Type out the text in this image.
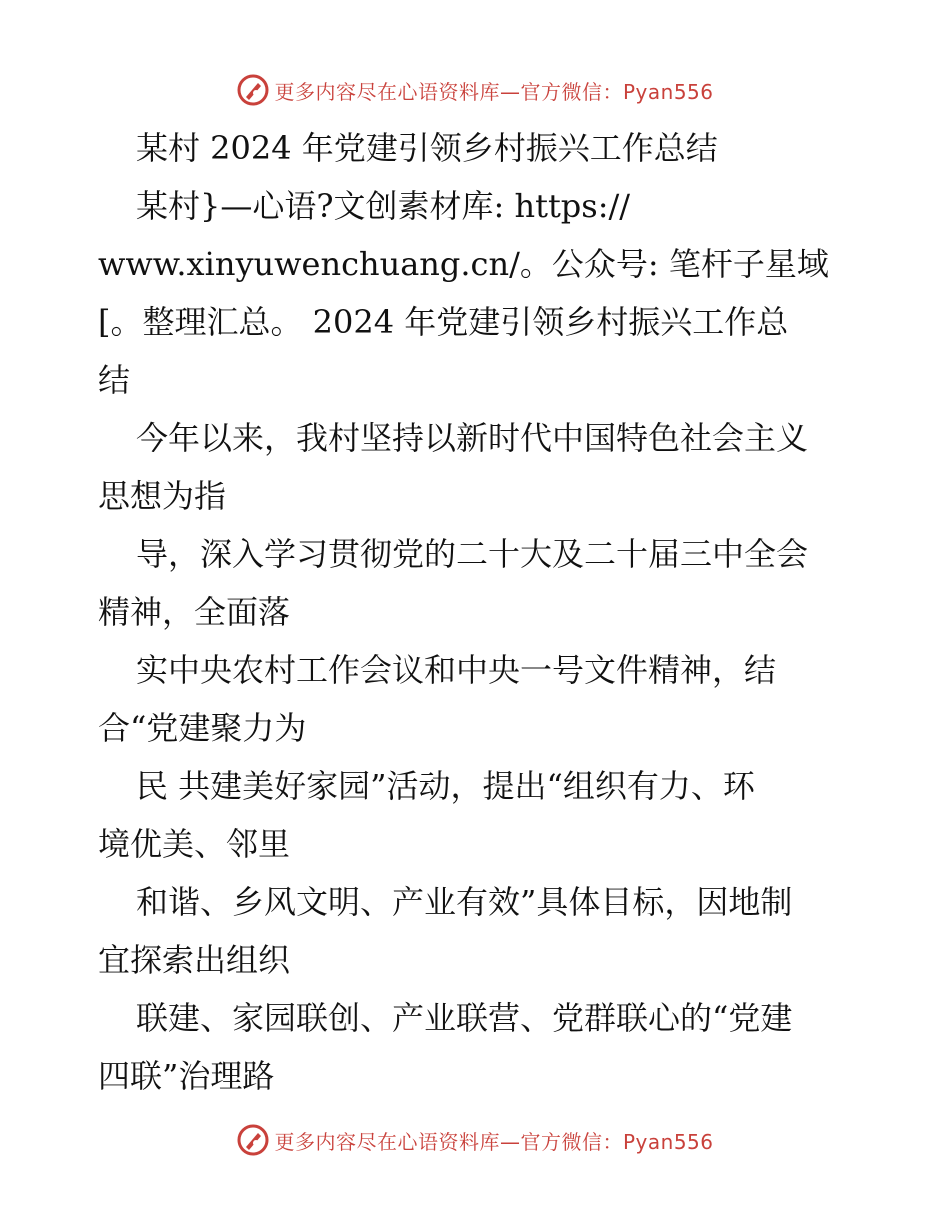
更多内容尽在心语资料库—官方微信：Pyan556
某村 2024 年党建引领乡村振兴工作总结
某村}—心语?文创素材库: https://
www.xinyuwenchuang.cn/。公众号: 笔杆子星域
[。整理汇总。 2024 年党建引领乡村振兴工作总
结
今年以来，我村坚持以新时代中国特色社会主义
思想为指
导，深入学习贯彻党的二十大及二十届三中全会
精神，全面落
实中央农村工作会议和中央一号文件精神，结
合“党建聚力为
民 共建美好家园”活动，提出“组织有力、环
境优美、邻里
和谐、乡风文明、产业有效”具体目标，因地制
宜探索出组织
联建、家园联创、产业联营、党群联心的“党建
四联”治理路
更多内容尽在心语资料库—官方微信：Pyan556
